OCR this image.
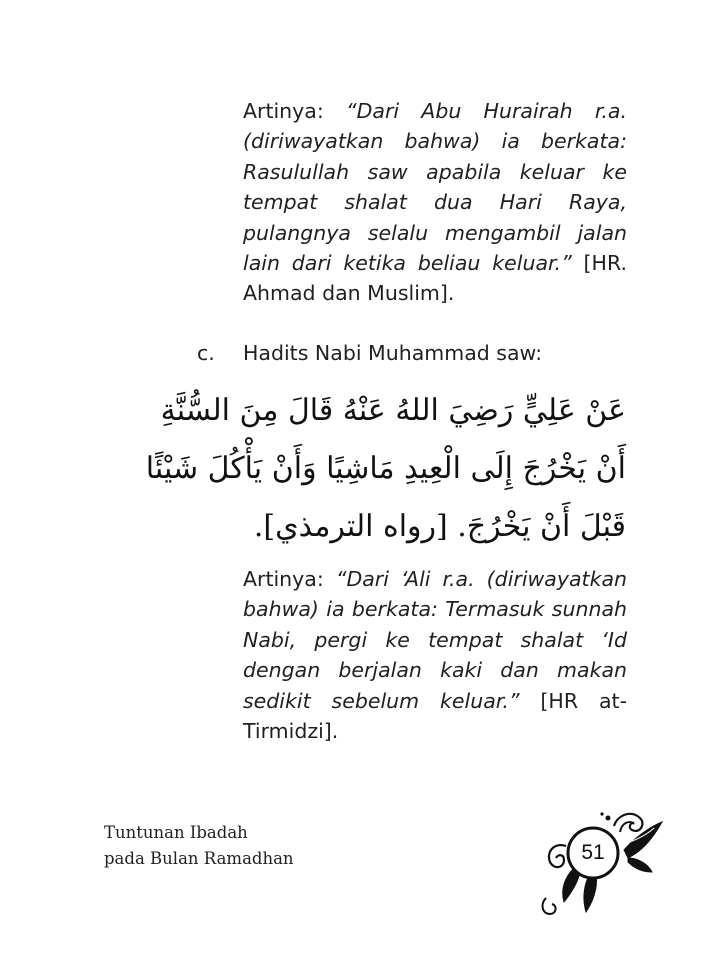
Artinya: “Dari Abu Hurairah r.a. (diriwayatkan bahwa) ia berkata: Rasulullah saw apabila keluar ke tempat shalat dua Hari Raya, pulangnya selalu mengambil jalan lain dari ketika beliau keluar.” [HR. Ahmad dan Muslim].
c. Hadits Nabi Muhammad saw:
عَنْ عَلِيٍّ رَضِيَ اللهُ عَنْهُ قَالَ مِنَ السُّنَّةِ
أَنْ يَخْرُجَ إِلَى الْعِيدِ مَاشِيًا وَأَنْ يَأْكُلَ شَيْئًا
قَبْلَ أَنْ يَخْرُجَ. [رواه الترمذي].
Artinya: “Dari ‘Ali r.a. (diriwayatkan bahwa) ia berkata: Termasuk sunnah Nabi, pergi ke tempat shalat ‘Id dengan berjalan kaki dan makan sedikit sebelum keluar.” [HR at-Tirmidzi].
Tuntunan Ibadah
pada Bulan Ramadhan	51
